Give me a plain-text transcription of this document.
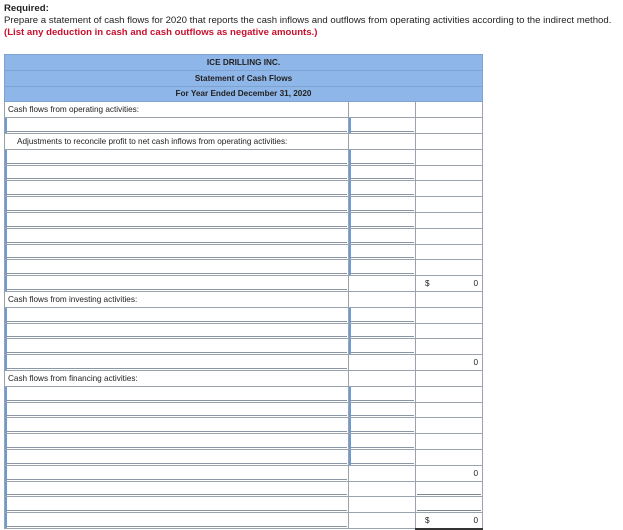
Required:
Prepare a statement of cash flows for 2020 that reports the cash inflows and outflows from operating activities according to the indirect method. (List any deduction in cash and cash outflows as negative amounts.)
ICE DRILLING INC.		
Statement of Cash Flows		
For Year Ended December 31, 2020		
Cash flows from operating activities:		

Adjustments to reconcile profit to net cash inflows from operating activities:		

		$ 0

Cash flows from investing activities:		

		0

Cash flows from financing activities:		

		0

		$ 0
